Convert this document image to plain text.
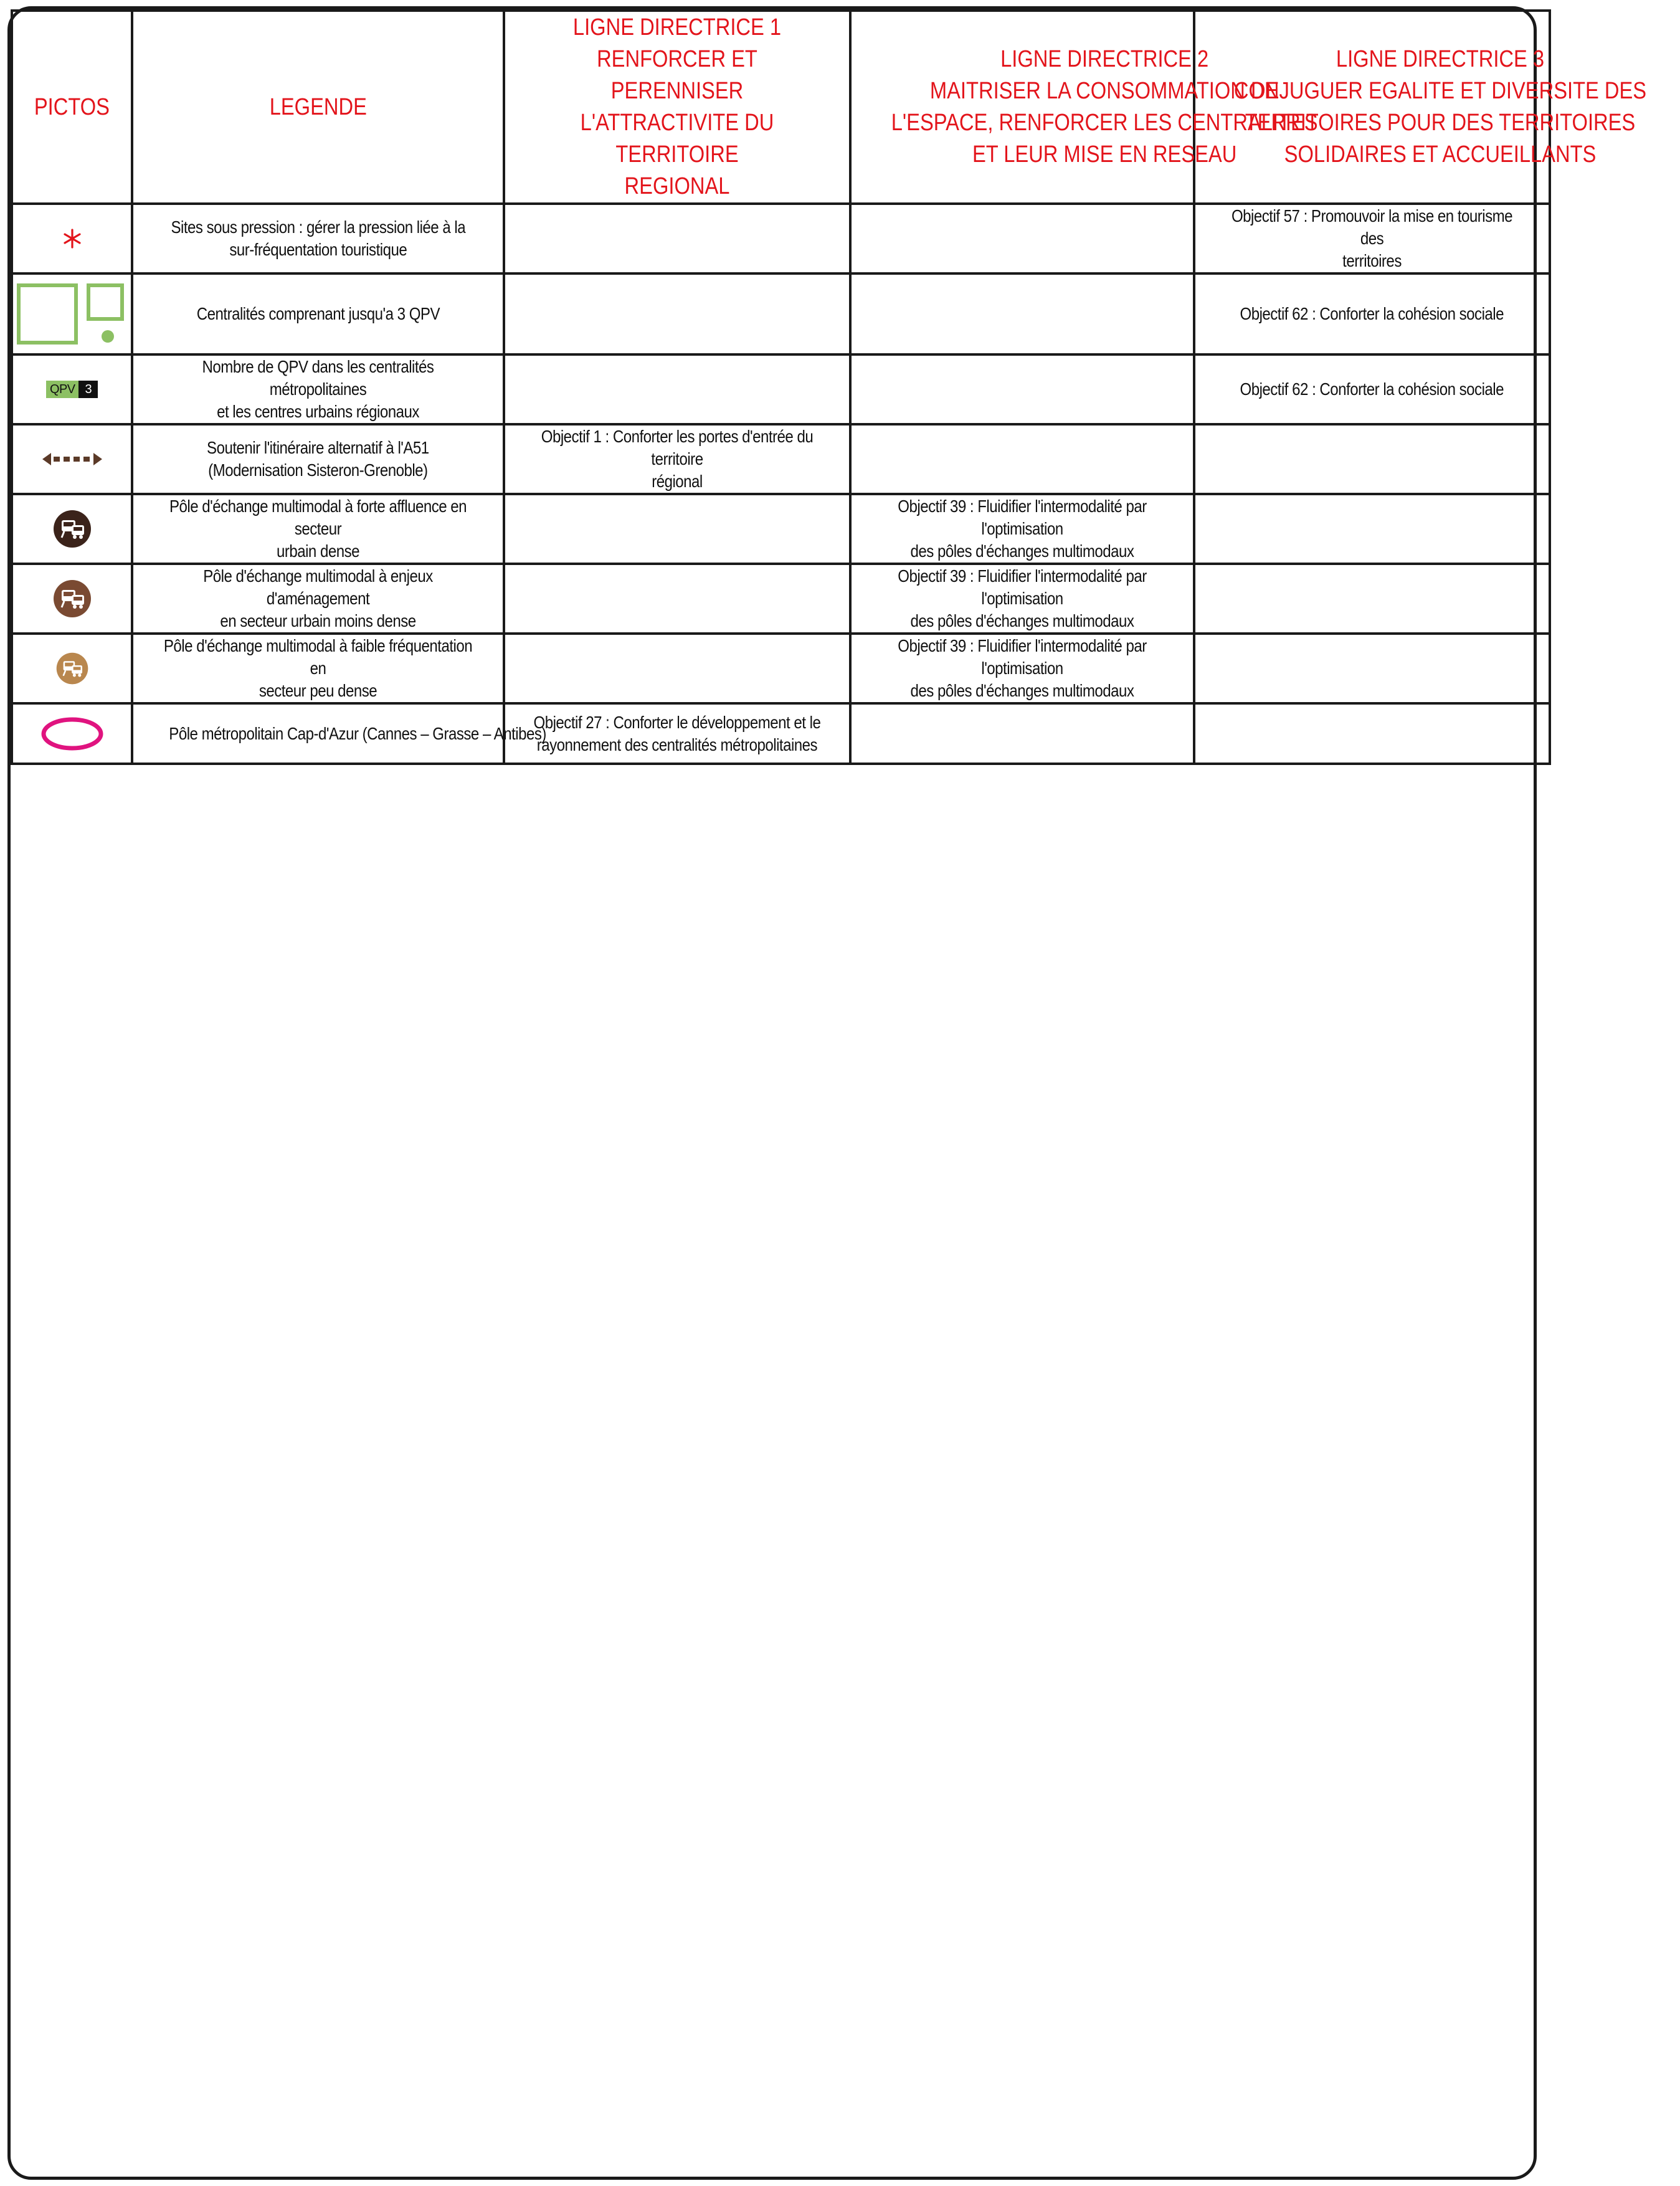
PICTOS	LEGENDE	LIGNE DIRECTRICE 1
RENFORCER ET PERENNISER
L'ATTRACTIVITE DU TERRITOIRE
REGIONAL	LIGNE DIRECTRICE 2
MAITRISER LA CONSOMMATION DE
L'ESPACE, RENFORCER LES CENTRALITES
ET LEUR MISE EN RESEAU	LIGNE DIRECTRICE 3
CONJUGUER EGALITE ET DIVERSITE DES
TERRITOIRES POUR DES TERRITOIRES
SOLIDAIRES ET ACCUEILLANTS

	Sites sous pression : gérer la pression liée à la
sur-fréquentation touristique			Objectif 57 : Promouvoir la mise en tourisme des
territoires

	Centralités comprenant jusqu'a 3 QPV			Objectif 62 : Conforter la cohésion sociale

QPV 3	Nombre de QPV dans les centralités métropolitaines
et les centres urbains régionaux			Objectif 62 : Conforter la cohésion sociale

	Soutenir l'itinéraire alternatif à l'A51
(Modernisation Sisteron-Grenoble)	Objectif 1 : Conforter les portes d'entrée du territoire
régional		

	Pôle d'échange multimodal à forte affluence en secteur
urbain dense		Objectif 39 : Fluidifier l'intermodalité par l'optimisation
des pôles d'échanges multimodaux	

	Pôle d'échange multimodal à enjeux d'aménagement
en secteur urbain moins dense		Objectif 39 : Fluidifier l'intermodalité par l'optimisation
des pôles d'échanges multimodaux	

	Pôle d'échange multimodal à faible fréquentation en
secteur peu dense		Objectif 39 : Fluidifier l'intermodalité par l'optimisation
des pôles d'échanges multimodaux	

	Pôle métropolitain Cap-d'Azur (Cannes – Grasse – Antibes)	Objectif 27 : Conforter le développement et le
rayonnement des centralités métropolitaines		
